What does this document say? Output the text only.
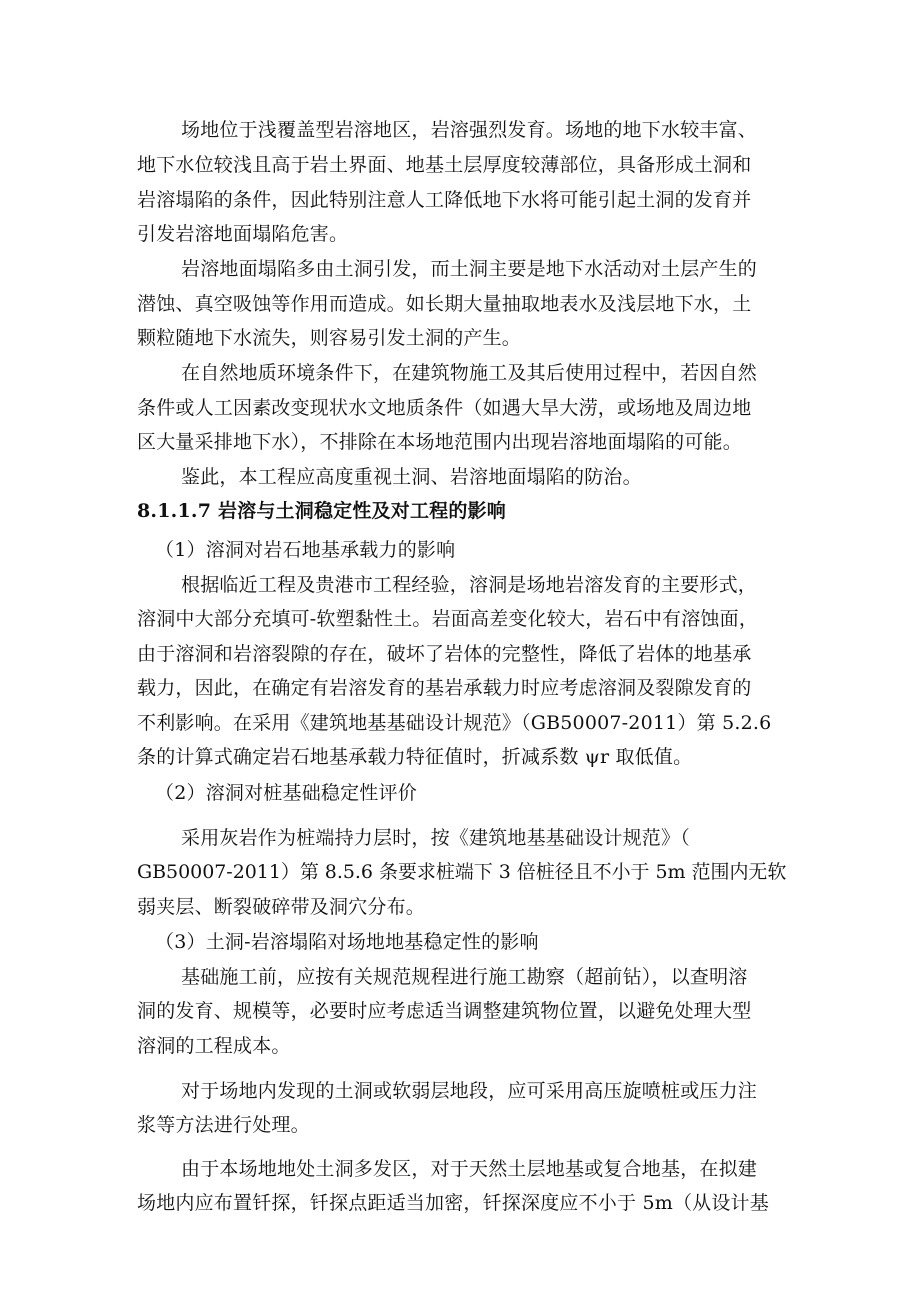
场地位于浅覆盖型岩溶地区，岩溶强烈发育。场地的地下水较丰富、
地下水位较浅且高于岩土界面、地基土层厚度较薄部位，具备形成土洞和
岩溶塌陷的条件，因此特别注意人工降低地下水将可能引起土洞的发育并
引发岩溶地面塌陷危害。
岩溶地面塌陷多由土洞引发，而土洞主要是地下水活动对土层产生的
潜蚀、真空吸蚀等作用而造成。如长期大量抽取地表水及浅层地下水，土
颗粒随地下水流失，则容易引发土洞的产生。
在自然地质环境条件下，在建筑物施工及其后使用过程中，若因自然
条件或人工因素改变现状水文地质条件（如遇大旱大涝，或场地及周边地
区大量采排地下水），不排除在本场地范围内出现岩溶地面塌陷的可能。
鉴此，本工程应高度重视土洞、岩溶地面塌陷的防治。
8.1.1.7 岩溶与土洞稳定性及对工程的影响
（1）溶洞对岩石地基承载力的影响
根据临近工程及贵港市工程经验，溶洞是场地岩溶发育的主要形式，
溶洞中大部分充填可-软塑黏性土。岩面高差变化较大，岩石中有溶蚀面，
由于溶洞和岩溶裂隙的存在，破坏了岩体的完整性，降低了岩体的地基承
载力，因此，在确定有岩溶发育的基岩承载力时应考虑溶洞及裂隙发育的
不利影响。在采用《建筑地基基础设计规范》（GB50007-2011）第 5.2.6
条的计算式确定岩石地基承载力特征值时，折减系数 ψr 取低值。
（2）溶洞对桩基础稳定性评价
采用灰岩作为桩端持力层时，按《建筑地基基础设计规范》（
GB50007-2011）第 8.5.6 条要求桩端下 3 倍桩径且不小于 5m 范围内无软
弱夹层、断裂破碎带及洞穴分布。
（3）土洞-岩溶塌陷对场地地基稳定性的影响
基础施工前，应按有关规范规程进行施工勘察（超前钻），以查明溶
洞的发育、规模等，必要时应考虑适当调整建筑物位置，以避免处理大型
溶洞的工程成本。
对于场地内发现的土洞或软弱层地段，应可采用高压旋喷桩或压力注
浆等方法进行处理。
由于本场地地处土洞多发区，对于天然土层地基或复合地基，在拟建
场地内应布置钎探，钎探点距适当加密，钎探深度应不小于 5m（从设计基
